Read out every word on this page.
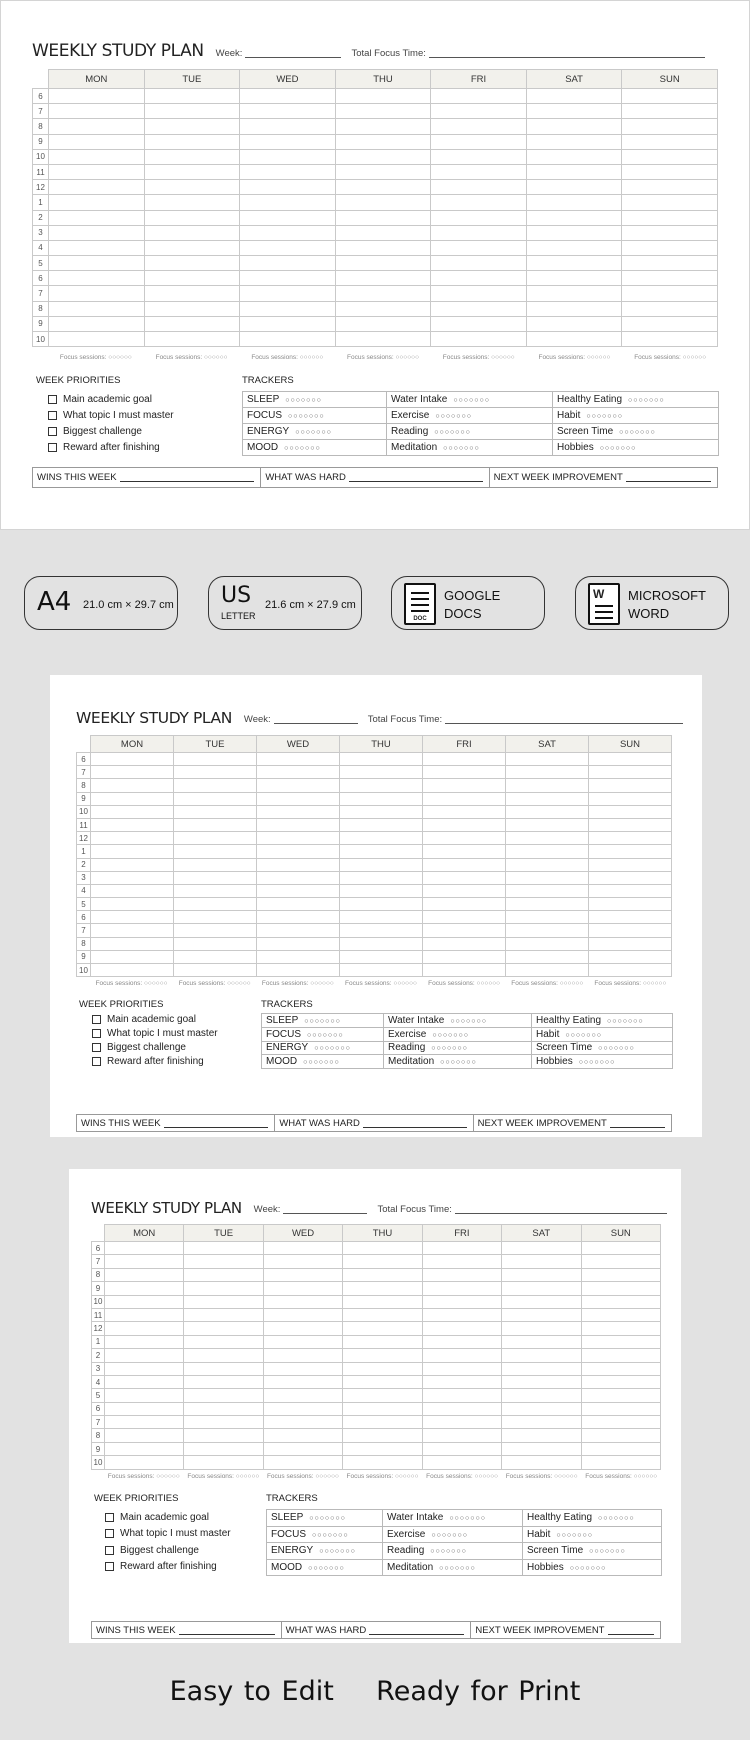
WEEKLY STUDY PLAN Week:	Total Focus Time:
	MON	TUE	WED	THU	FRI	SAT	SUN
6							
7							
8							
9							
10							
11							
12							
1							
2							
3							
4							
5							
6							
7							
8							
9							
10							
Focus sessions: ○○○○○○	Focus sessions: ○○○○○○	Focus sessions: ○○○○○○	Focus sessions: ○○○○○○	Focus sessions: ○○○○○○	Focus sessions: ○○○○○○	Focus sessions: ○○○○○○
WEEK PRIORITIES	TRACKERS
Main academic goal
What topic I must master
Biggest challenge
Reward after finishing
SLEEP ○○○○○○○	Water Intake ○○○○○○○	Healthy Eating ○○○○○○○
FOCUS ○○○○○○○	Exercise ○○○○○○○	Habit ○○○○○○○
ENERGY ○○○○○○○	Reading ○○○○○○○	Screen Time ○○○○○○○
MOOD ○○○○○○○	Meditation ○○○○○○○	Hobbies ○○○○○○○
WINS THIS WEEK	WHAT WAS HARD	NEXT WEEK IMPROVEMENT
A4 21.0 cm × 29.7 cm US
LETTER
21.6 cm × 27.9 cm
DOC
GOOGLE
DOCS
W MICROSOFT
WORD
WEEKLY STUDY PLAN Week:	Total Focus Time:
	MON	TUE	WED	THU	FRI	SAT	SUN
6							
7							
8							
9							
10							
11							
12							
1							
2							
3							
4							
5							
6							
7							
8							
9							
10							
Focus sessions: ○○○○○○	Focus sessions: ○○○○○○	Focus sessions: ○○○○○○	Focus sessions: ○○○○○○	Focus sessions: ○○○○○○	Focus sessions: ○○○○○○	Focus sessions: ○○○○○○
WEEK PRIORITIES	TRACKERS
Main academic goal
What topic I must master
Biggest challenge
Reward after finishing
SLEEP ○○○○○○○	Water Intake ○○○○○○○	Healthy Eating ○○○○○○○
FOCUS ○○○○○○○	Exercise ○○○○○○○	Habit ○○○○○○○
ENERGY ○○○○○○○	Reading ○○○○○○○	Screen Time ○○○○○○○
MOOD ○○○○○○○	Meditation ○○○○○○○	Hobbies ○○○○○○○
WINS THIS WEEK	WHAT WAS HARD	NEXT WEEK IMPROVEMENT
WEEKLY STUDY PLAN Week:	Total Focus Time:
	MON	TUE	WED	THU	FRI	SAT	SUN
6							
7							
8							
9							
10							
11							
12							
1							
2							
3							
4							
5							
6							
7							
8							
9							
10							
Focus sessions: ○○○○○○	Focus sessions: ○○○○○○	Focus sessions: ○○○○○○	Focus sessions: ○○○○○○	Focus sessions: ○○○○○○	Focus sessions: ○○○○○○	Focus sessions: ○○○○○○
WEEK PRIORITIES	TRACKERS
Main academic goal
What topic I must master
Biggest challenge
Reward after finishing
SLEEP ○○○○○○○	Water Intake ○○○○○○○	Healthy Eating ○○○○○○○
FOCUS ○○○○○○○	Exercise ○○○○○○○	Habit ○○○○○○○
ENERGY ○○○○○○○	Reading ○○○○○○○	Screen Time ○○○○○○○
MOOD ○○○○○○○	Meditation ○○○○○○○	Hobbies ○○○○○○○
WINS THIS WEEK	WHAT WAS HARD	NEXT WEEK IMPROVEMENT
Easy to Edit Ready for Print
